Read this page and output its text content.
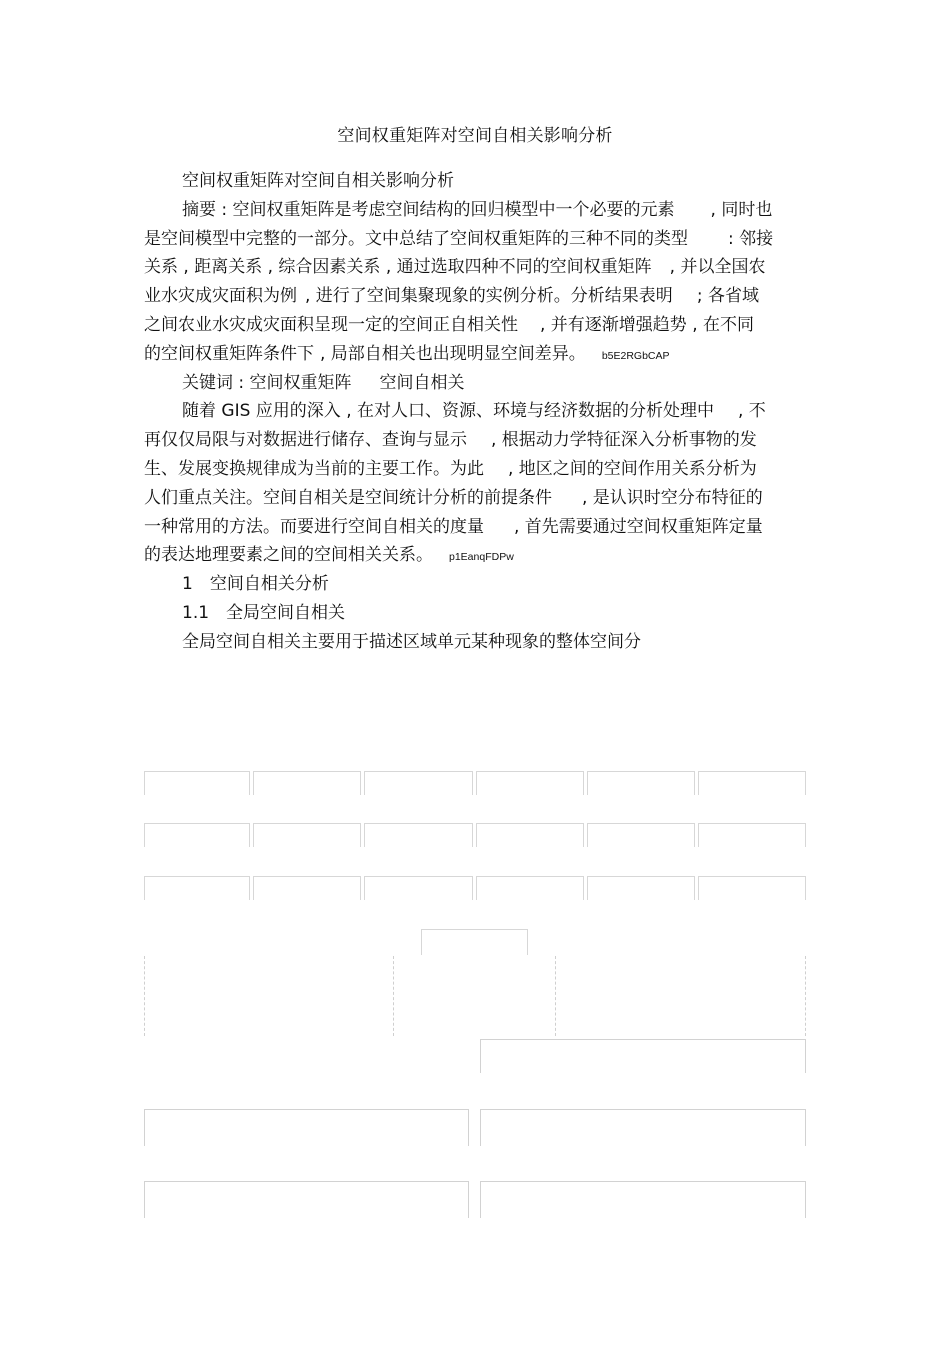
空间权重矩阵对空间自相关影响分析
空间权重矩阵对空间自相关影响分析
摘要 : 空间权重矩阵是考虑空间结构的回归模型中一个必要的元素 , 同时也
是空间模型中完整的一部分。文中总结了空间权重矩阵的三种不同的类型 : 邻接
关系 , 距离关系 , 综合因素关系 , 通过选取四种不同的空间权重矩阵 , 并以全国农
业水灾成灾面积为例 , 进行了空间集聚现象的实例分析。分析结果表明 ; 各省域
之间农业水灾成灾面积呈现一定的空间正自相关性 , 并有逐渐增强趋势 , 在不同
的空间权重矩阵条件下 , 局部自相关也出现明显空间差异。 b5E2RGbCAP
关键词 : 空间权重矩阵 空间自相关
随着 GIS 应用的深入 , 在对人口、资源、环境与经济数据的分析处理中 , 不
再仅仅局限与对数据进行储存、查询与显示 , 根据动力学特征深入分析事物的发
生、发展变换规律成为当前的主要工作。为此 , 地区之间的空间作用关系分析为
人们重点关注。空间自相关是空间统计分析的前提条件 , 是认识时空分布特征的
一种常用的方法。而要进行空间自相关的度量 , 首先需要通过空间权重矩阵定量
的表达地理要素之间的空间相关关系。 p1EanqFDPw
1　空间自相关分析
1.1　全局空间自相关
全局空间自相关主要用于描述区域单元某种现象的整体空间分
